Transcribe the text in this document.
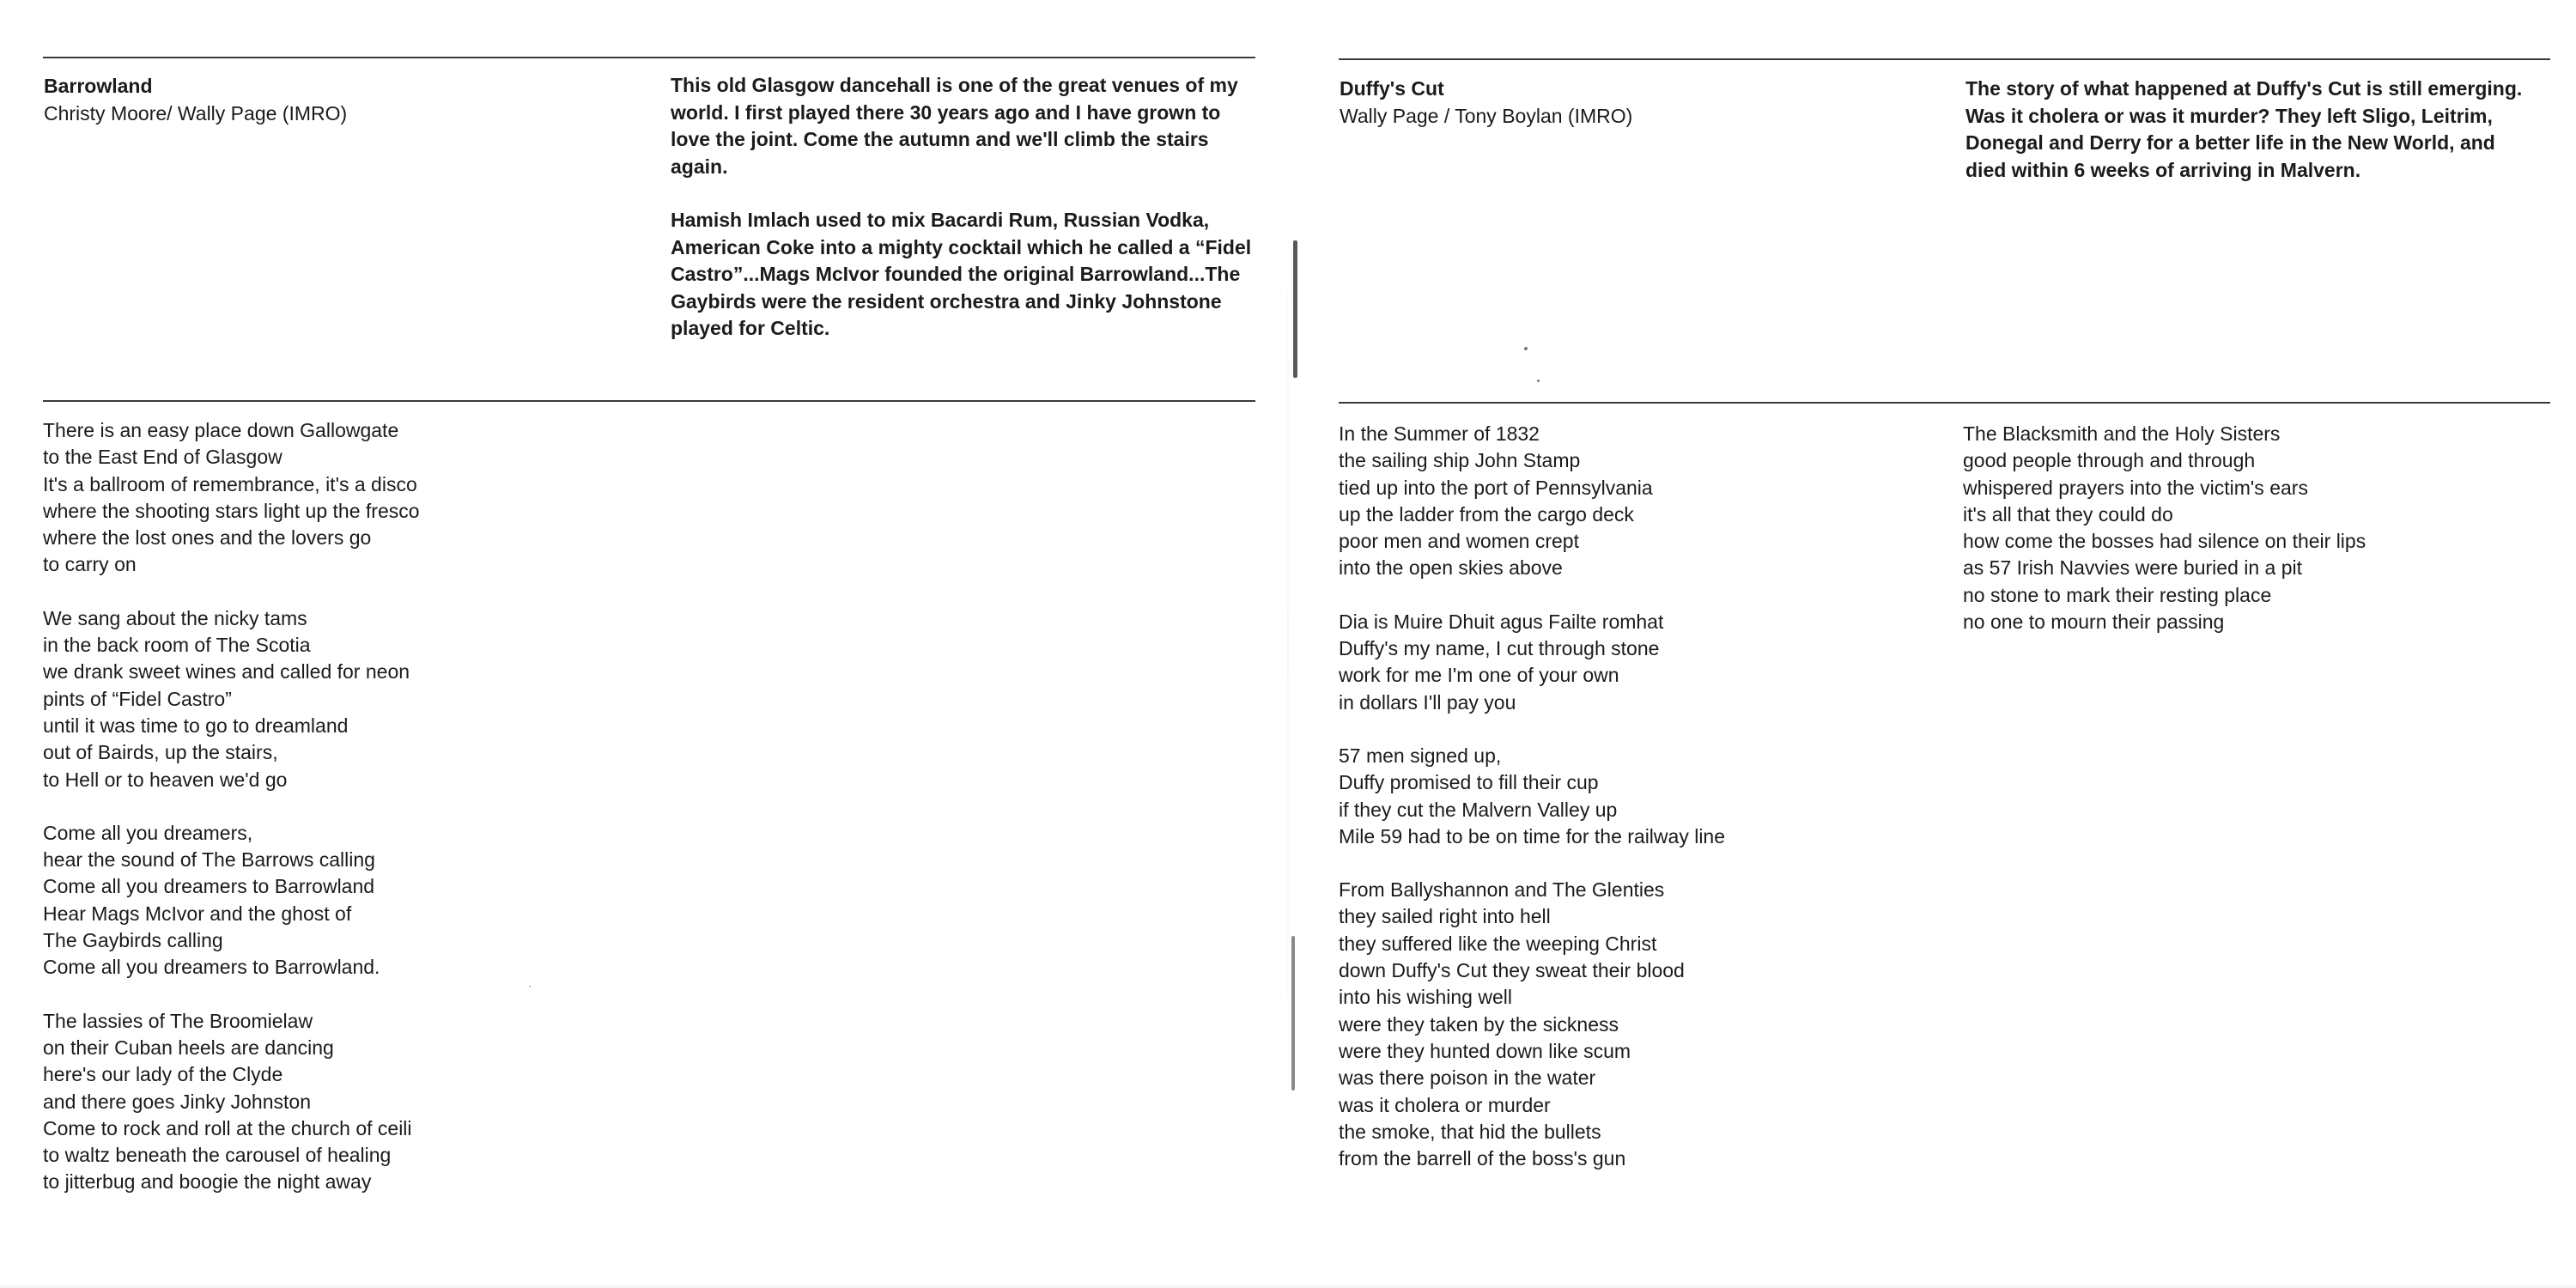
Barrowland

Christy Moore/ Wally Page (IMRO)

This old Glasgow dancehall is one of the great venues of my world. I first played there 30 years ago and I have grown to love the joint. Come the autumn and we'll climb the stairs again.

Hamish Imlach used to mix Bacardi Rum, Russian Vodka, American Coke into a mighty cocktail which he called a “Fidel Castro”...Mags McIvor founded the original Barrowland...The Gaybirds were the resident orchestra and Jinky Johnstone played for Celtic.

There is an easy place down Gallowgate
to the East End of Glasgow
It's a ballroom of remembrance, it's a disco
where the shooting stars light up the fresco
where the lost ones and the lovers go
to carry on
We sang about the nicky tams
in the back room of The Scotia
we drank sweet wines and called for neon
pints of “Fidel Castro”
until it was time to go to dreamland
out of Bairds, up the stairs,
to Hell or to heaven we'd go
Come all you dreamers,
hear the sound of The Barrows calling
Come all you dreamers to Barrowland
Hear Mags McIvor and the ghost of
The Gaybirds calling
Come all you dreamers to Barrowland.
The lassies of The Broomielaw
on their Cuban heels are dancing
here's our lady of the Clyde
and there goes Jinky Johnston
Come to rock and roll at the church of ceili
to waltz beneath the carousel of healing
to jitterbug and boogie the night away

Duffy's Cut

Wally Page / Tony Boylan (IMRO)

The story of what happened at Duffy's Cut is still emerging. Was it cholera or was it murder? They left Sligo, Leitrim, Donegal and Derry for a better life in the New World, and died within 6 weeks of arriving in Malvern.

In the Summer of 1832
the sailing ship John Stamp
tied up into the port of Pennsylvania
up the ladder from the cargo deck
poor men and women crept
into the open skies above
Dia is Muire Dhuit agus Failte romhat
Duffy's my name, I cut through stone
work for me I'm one of your own
in dollars I'll pay you
57 men signed up,
Duffy promised to fill their cup
if they cut the Malvern Valley up
Mile 59 had to be on time for the railway line
From Ballyshannon and The Glenties
they sailed right into hell
they suffered like the weeping Christ
down Duffy's Cut they sweat their blood
into his wishing well
were they taken by the sickness
were they hunted down like scum
was there poison in the water
was it cholera or murder
the smoke, that hid the bullets
from the barrell of the boss's gun
The Blacksmith and the Holy Sisters
good people through and through
whispered prayers into the victim's ears
it's all that they could do
how come the bosses had silence on their lips
as 57 Irish Navvies were buried in a pit
no stone to mark their resting place
no one to mourn their passing
